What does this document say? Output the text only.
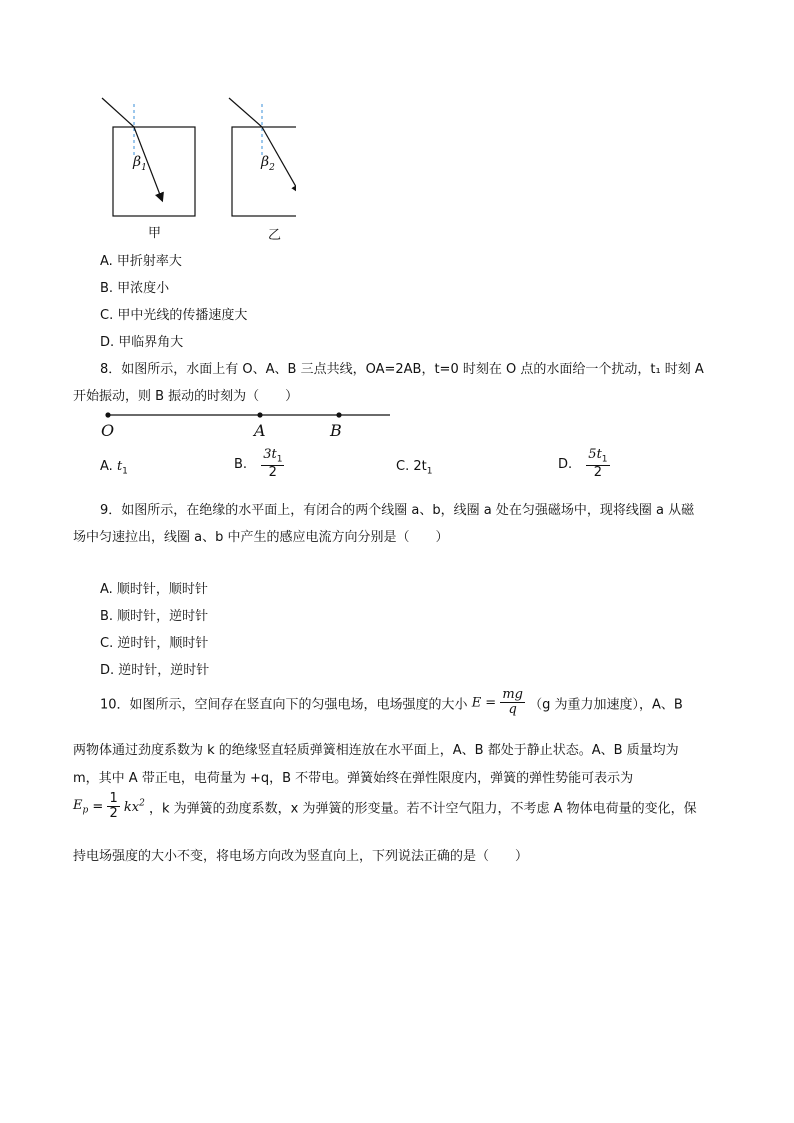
$\beta_1$	$\beta_2$
甲	乙
A. 甲折射率大
B. 甲浓度小
C. 甲中光线的传播速度大
D. 甲临界角大
8．如图所示，水面上有 O、A、B 三点共线，OA=2AB，t=0 时刻在 O 点的水面给一个扰动，t₁ 时刻 A
开始振动，则 B 振动的时刻为（　　）
O	A	B
A. $t_1$	B. $\frac{3t_1}{2}$	C. $2t_1$	D. $\frac{5t_1}{2}$
9．如图所示，在绝缘的水平面上，有闭合的两个线圈 a、b，线圈 a 处在匀强磁场中，现将线圈 a 从磁
场中匀速拉出，线圈 a、b 中产生的感应电流方向分别是（　　）
A. 顺时针，顺时针
B. 顺时针，逆时针
C. 逆时针，顺时针
D. 逆时针，逆时针
10．如图所示，空间存在竖直向下的匀强电场，电场强度的大小 $E = \frac{mg}{q} (g$ 为重力加速度），A、B
两物体通过劲度系数为 k 的绝缘竖直轻质弹簧相连放在水平面上，A、B 都处于静止状态。A、B 质量均为
m，其中 A 带正电，电荷量为 +q，B 不带电。弹簧始终在弹性限度内，弹簧的弹性势能可表示为
$E_p = \frac{1}{2} kx^2$ ，k 为弹簧的劲度系数，x 为弹簧的形变量。若不计空气阻力，不考虑 A 物体电荷量的变化，保
持电场强度的大小不变，将电场方向改为竖直向上，下列说法正确的是（　　）
